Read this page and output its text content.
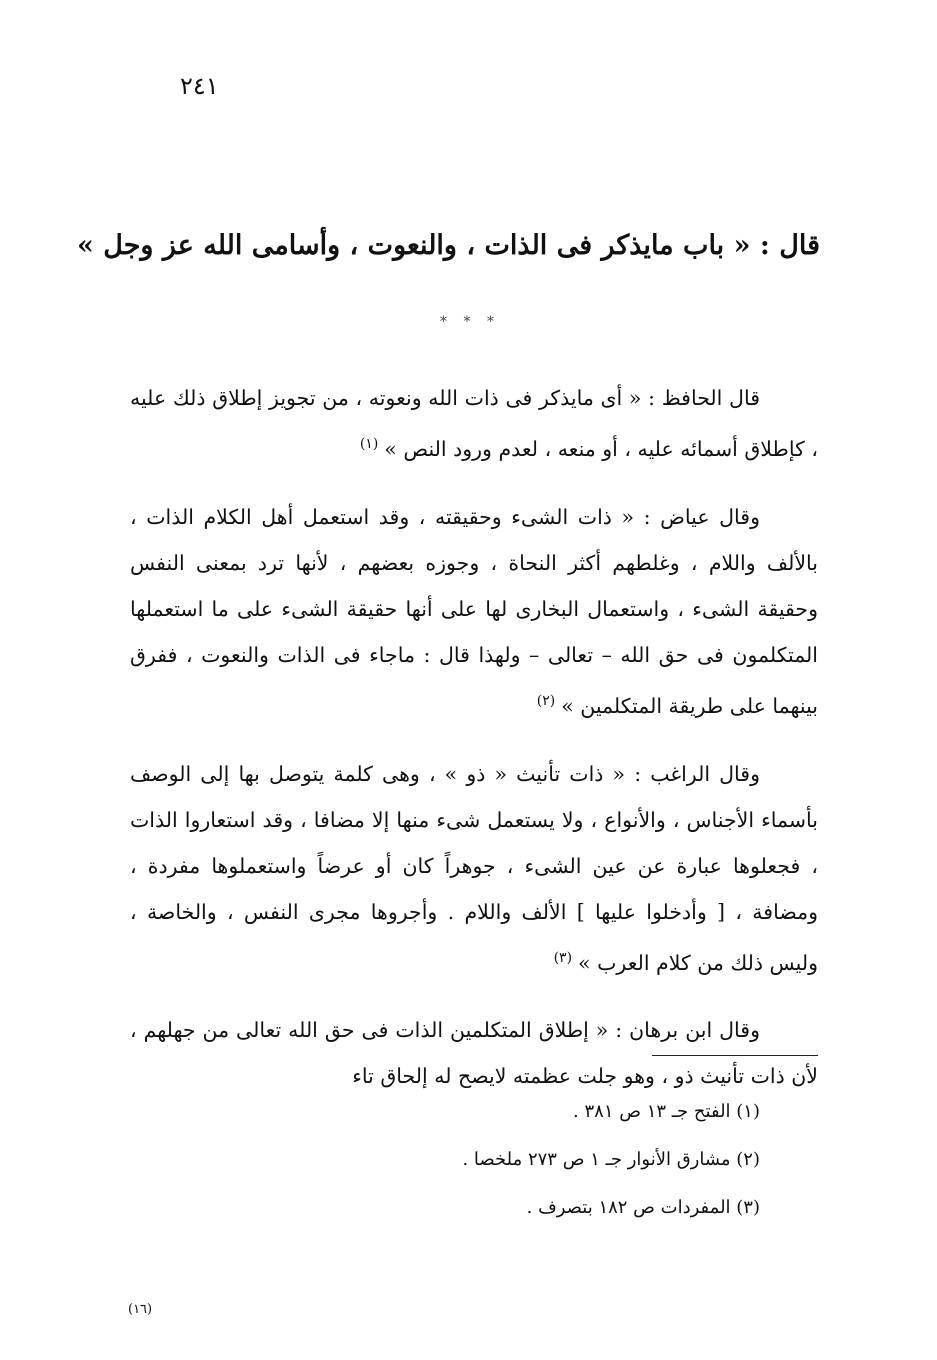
٢٤١
قال : « باب مايذكر فى الذات ، والنعوت ، وأسامى الله عز وجل »
* * *

قال الحافظ : « أى مايذكر فى ذات الله ونعوته ، من تجويز إطلاق ذلك عليه ، كإطلاق أسمائه عليه ، أو منعه ، لعدم ورود النص »$^{(١)}$

وقال عياض : « ذات الشىء وحقيقته ، وقد استعمل أهل الكلام الذات ، بالألف واللام ، وغلطهم أكثر النحاة ، وجوزه بعضهم ، لأنها ترد بمعنى النفس وحقيقة الشىء ، واستعمال البخارى لها على أنها حقيقة الشىء على ما استعملها المتكلمون فى حق الله – تعالى – ولهذا قال : ماجاء فى الذات والنعوت ، ففرق بينهما على طريقة المتكلمين »$^{(٢)}$

وقال الراغب : « ذات تأنيث « ذو » ، وهى كلمة يتوصل بها إلى الوصف بأسماء الأجناس ، والأنواع ، ولا يستعمل شىء منها إلا مضافا ، وقد استعاروا الذات ، فجعلوها عبارة عن عين الشىء ، جوهراً كان أو عرضاً واستعملوها مفردة ، ومضافة ، [ وأدخلوا عليها ] الألف واللام . وأجروها مجرى النفس ، والخاصة ، وليس ذلك من كلام العرب »$^{(٣)}$

وقال ابن برهان : « إطلاق المتكلمين الذات فى حق الله تعالى من جهلهم ، لأن ذات تأنيث ذو ، وهو جلت عظمته لايصح له إلحاق تاء

(١) الفتح جـ ١٣ ص ٣٨١ .
(٢) مشارق الأنوار جـ ١ ص ٢٧٣ ملخصا .
(٣) المفردات ص ١٨٢ بتصرف .
(١٦)
